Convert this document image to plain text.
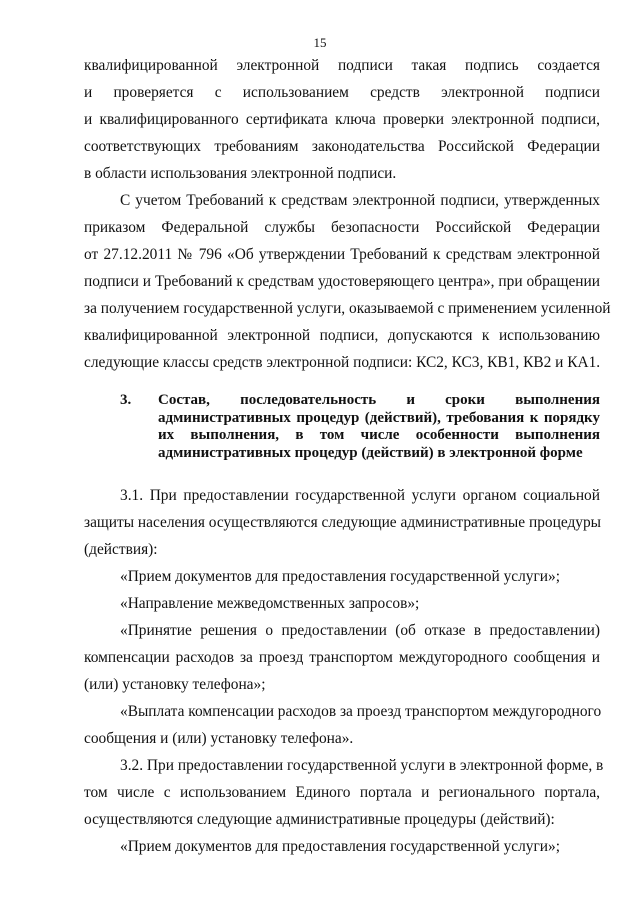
15

квалифицированной электронной подписи такая подпись создается

и проверяется с использованием средств электронной подписи

и квалифицированного сертификата ключа проверки электронной подписи,

соответствующих требованиям законодательства Российской Федерации

в области использования электронной подписи.

С учетом Требований к средствам электронной подписи, утвержденных

приказом Федеральной службы безопасности Российской Федерации

от 27.12.2011 № 796 «Об утверждении Требований к средствам электронной

подписи и Требований к средствам удостоверяющего центра», при обращении

за получением государственной услуги, оказываемой с применением усиленной

квалифицированной электронной подписи, допускаются к использованию

следующие классы средств электронной подписи: КС2, КС3, КВ1, КВ2 и КА1.

3.	Состав, последовательность и сроки выполнения

административных процедур (действий), требования к порядку

их выполнения, в том числе особенности выполнения

административных процедур (действий) в электронной форме

3.1. При предоставлении государственной услуги органом социальной

защиты населения осуществляются следующие административные процедуры

(действия):

«Прием документов для предоставления государственной услуги»;

«Направление межведомственных запросов»;

«Принятие решения о предоставлении (об отказе в предоставлении)

компенсации расходов за проезд транспортом междугородного сообщения и

(или) установку телефона»;

«Выплата компенсации расходов за проезд транспортом междугородного

сообщения и (или) установку телефона».

3.2. При предоставлении государственной услуги в электронной форме, в

том числе с использованием Единого портала и регионального портала,

осуществляются следующие административные процедуры (действий):

«Прием документов для предоставления государственной услуги»;
